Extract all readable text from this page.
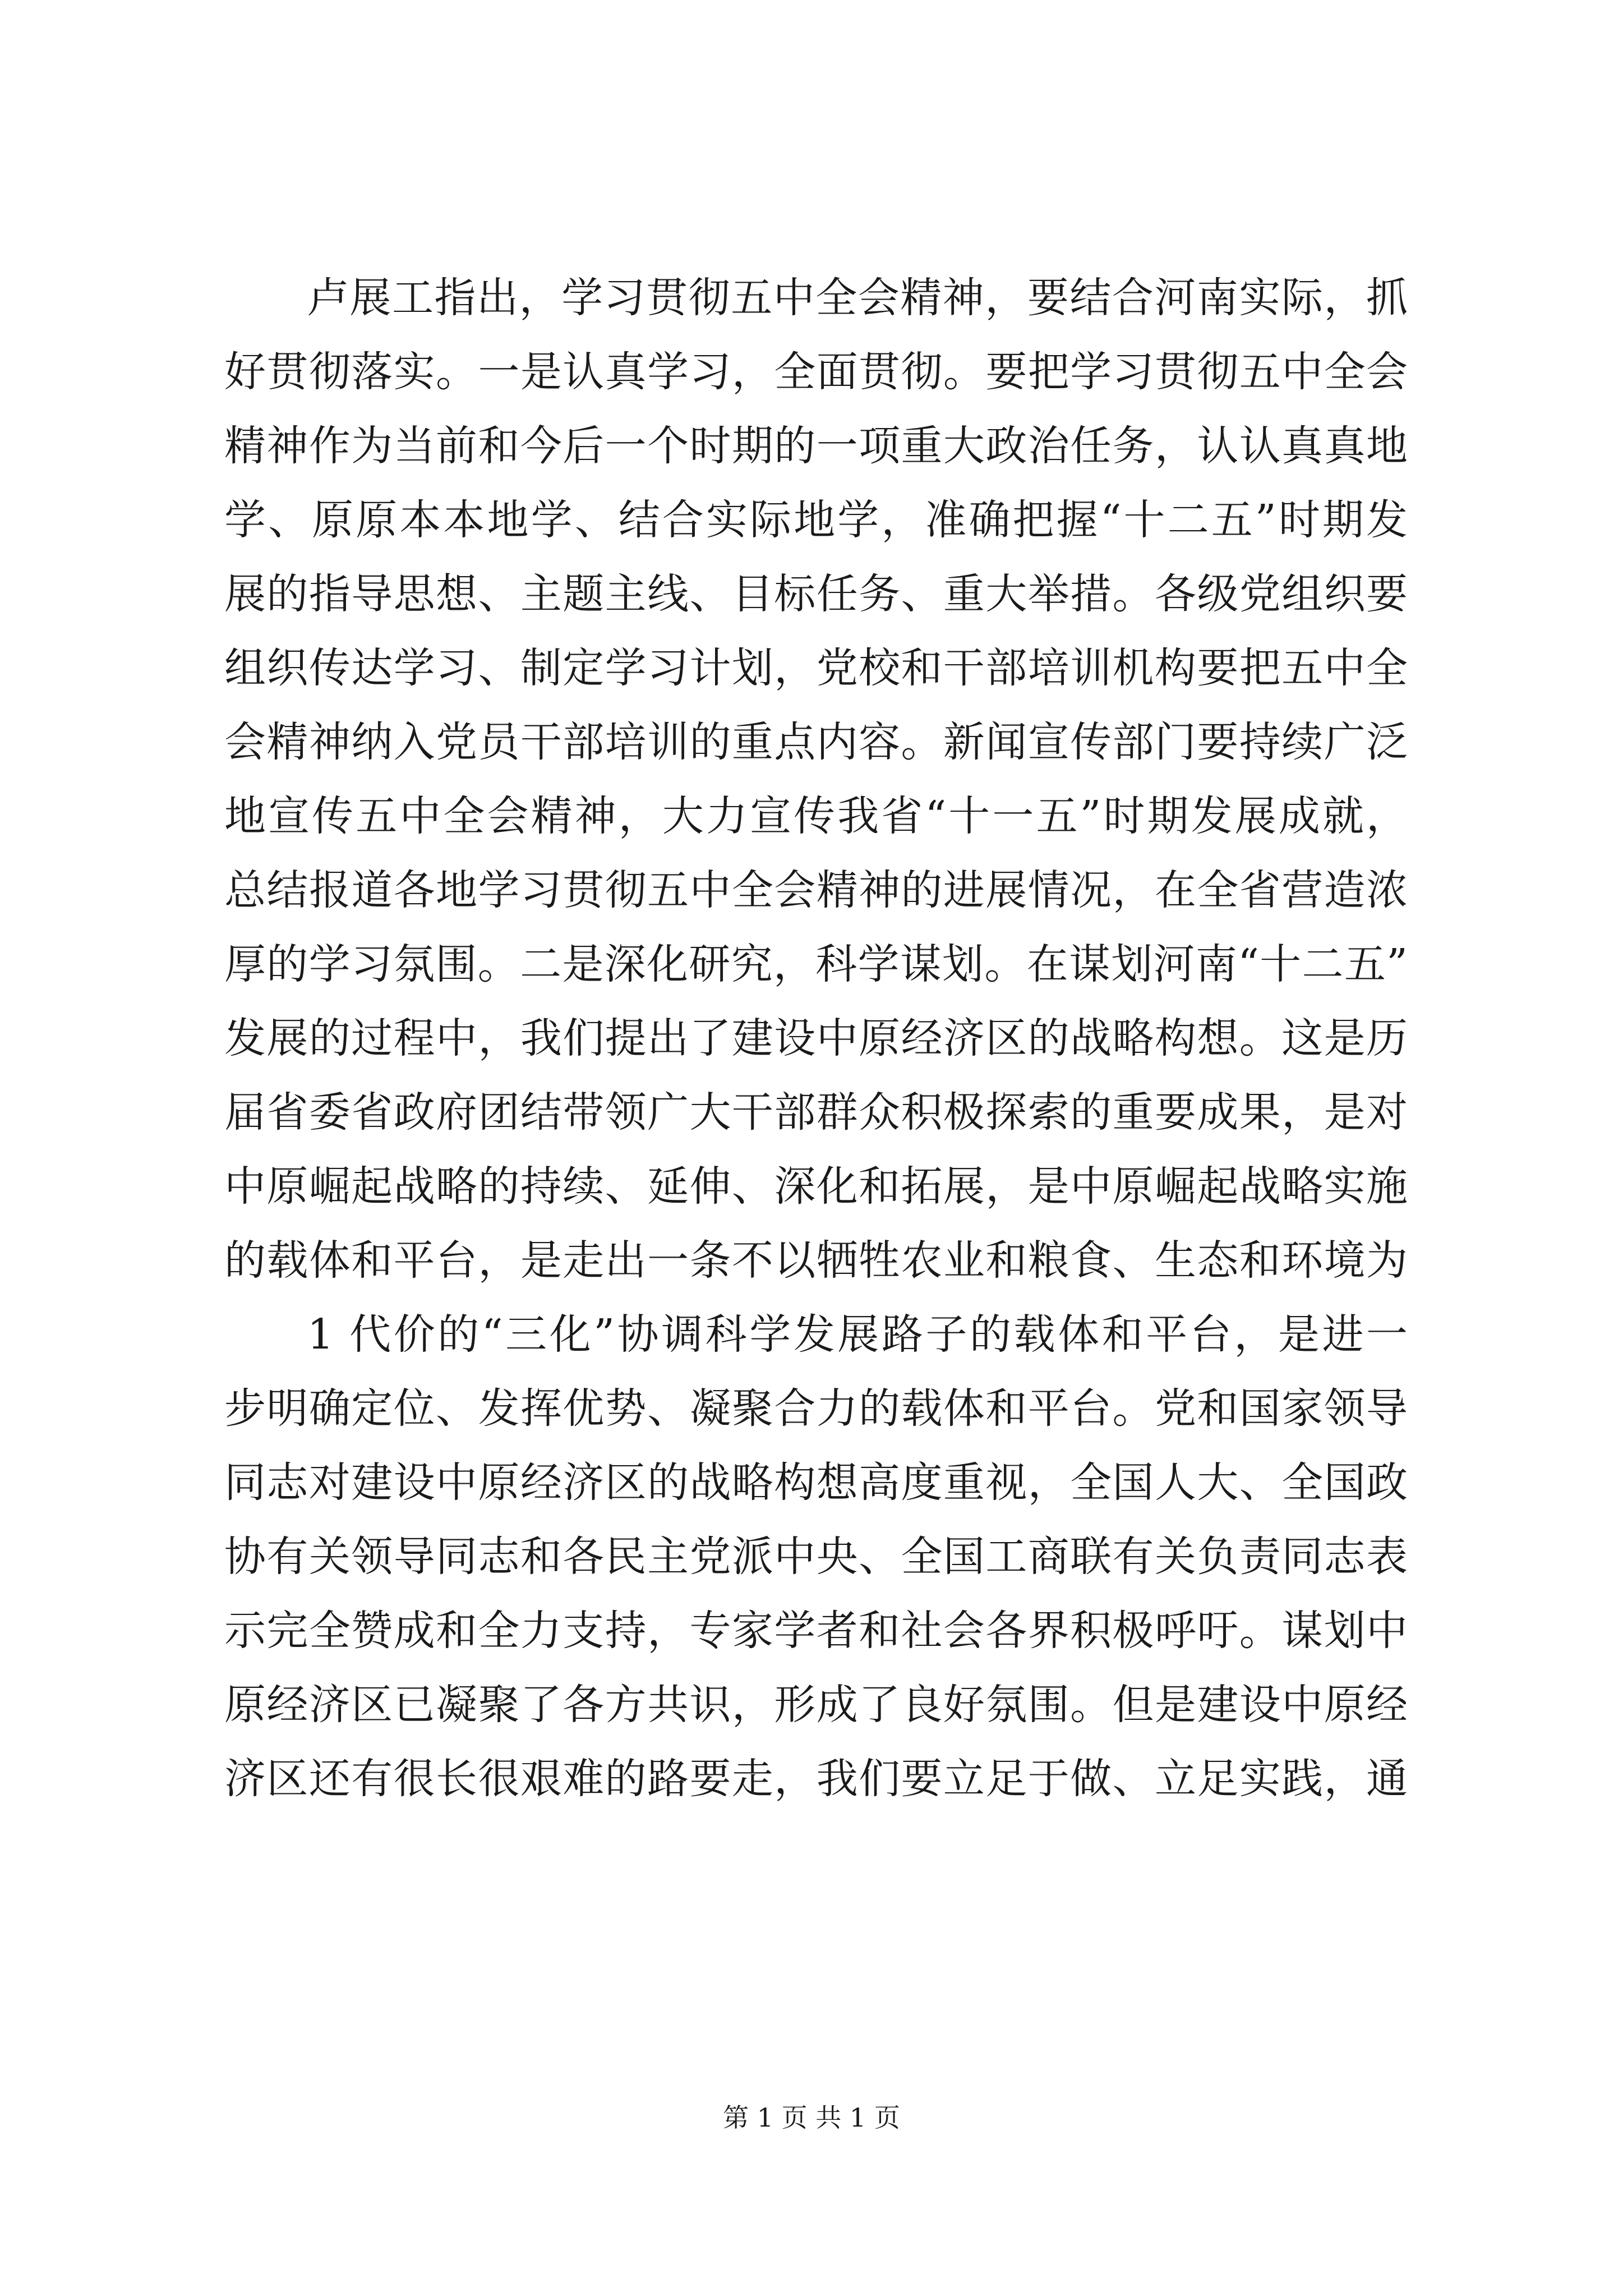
卢展工指出，学习贯彻五中全会精神，要结合河南实际，抓
好贯彻落实。一是认真学习，全面贯彻。要把学习贯彻五中全会
精神作为当前和今后一个时期的一项重大政治任务，认认真真地
学、原原本本地学、结合实际地学，准确把握“十二五”时期发
展的指导思想、主题主线、目标任务、重大举措。各级党组织要
组织传达学习、制定学习计划，党校和干部培训机构要把五中全
会精神纳入党员干部培训的重点内容。新闻宣传部门要持续广泛
地宣传五中全会精神，大力宣传我省“十一五”时期发展成就，
总结报道各地学习贯彻五中全会精神的进展情况，在全省营造浓
厚的学习氛围。二是深化研究，科学谋划。在谋划河南“十二五”
发展的过程中，我们提出了建设中原经济区的战略构想。这是历
届省委省政府团结带领广大干部群众积极探索的重要成果，是对
中原崛起战略的持续、延伸、深化和拓展，是中原崛起战略实施
的载体和平台，是走出一条不以牺牲农业和粮食、生态和环境为
1 代价的“三化”协调科学发展路子的载体和平台，是进一
步明确定位、发挥优势、凝聚合力的载体和平台。党和国家领导
同志对建设中原经济区的战略构想高度重视，全国人大、全国政
协有关领导同志和各民主党派中央、全国工商联有关负责同志表
示完全赞成和全力支持，专家学者和社会各界积极呼吁。谋划中
原经济区已凝聚了各方共识，形成了良好氛围。但是建设中原经
济区还有很长很艰难的路要走，我们要立足于做、立足实践，通
第 1 页 共 1 页
